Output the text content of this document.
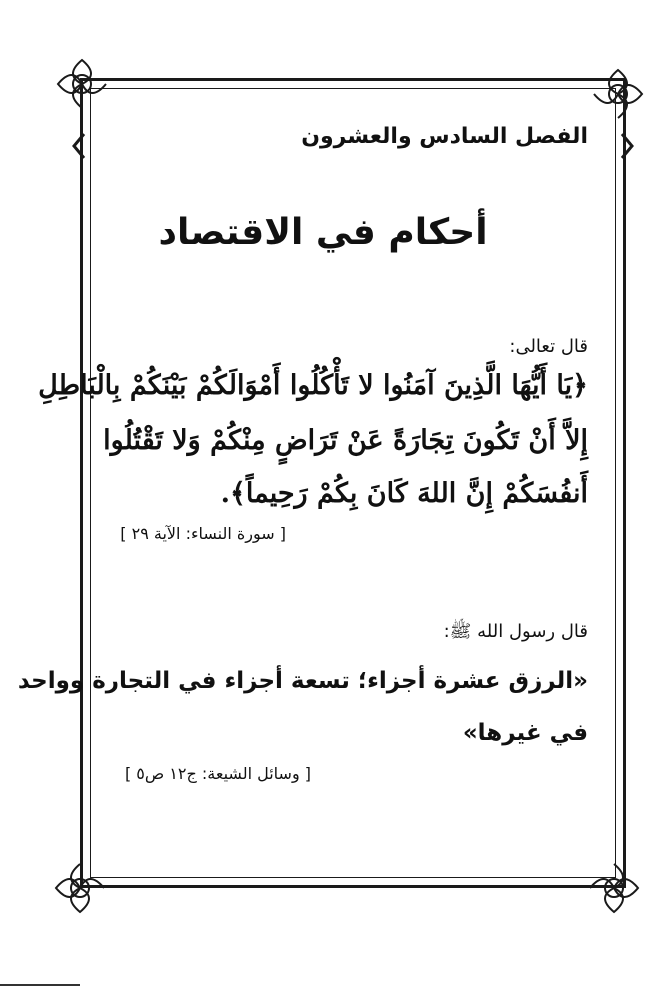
الفصل السادس والعشرون
أحكام في الاقتصاد
قال تعالى:
﴿يَا أَيُّهَا الَّذِينَ آمَنُوا لا تَأْكُلُوا أَمْوَالَكُمْ بَيْنَكُمْ بِالْبَاطِلِ
إِلاَّ أَنْ تَكُونَ تِجَارَةً عَنْ تَرَاضٍ مِنْكُمْ وَلا تَقْتُلُوا
أَنفُسَكُمْ إِنَّ اللهَ كَانَ بِكُمْ رَحِيماً﴾.
[ سورة النساء: الآية ٢٩ ]
قال رسول الله ﷺ:
«الرزق عشرة أجزاء؛ تسعة أجزاء في التجارة وواحد
في غيرها»
[ وسائل الشيعة: ج١٢ ص٥ ]
